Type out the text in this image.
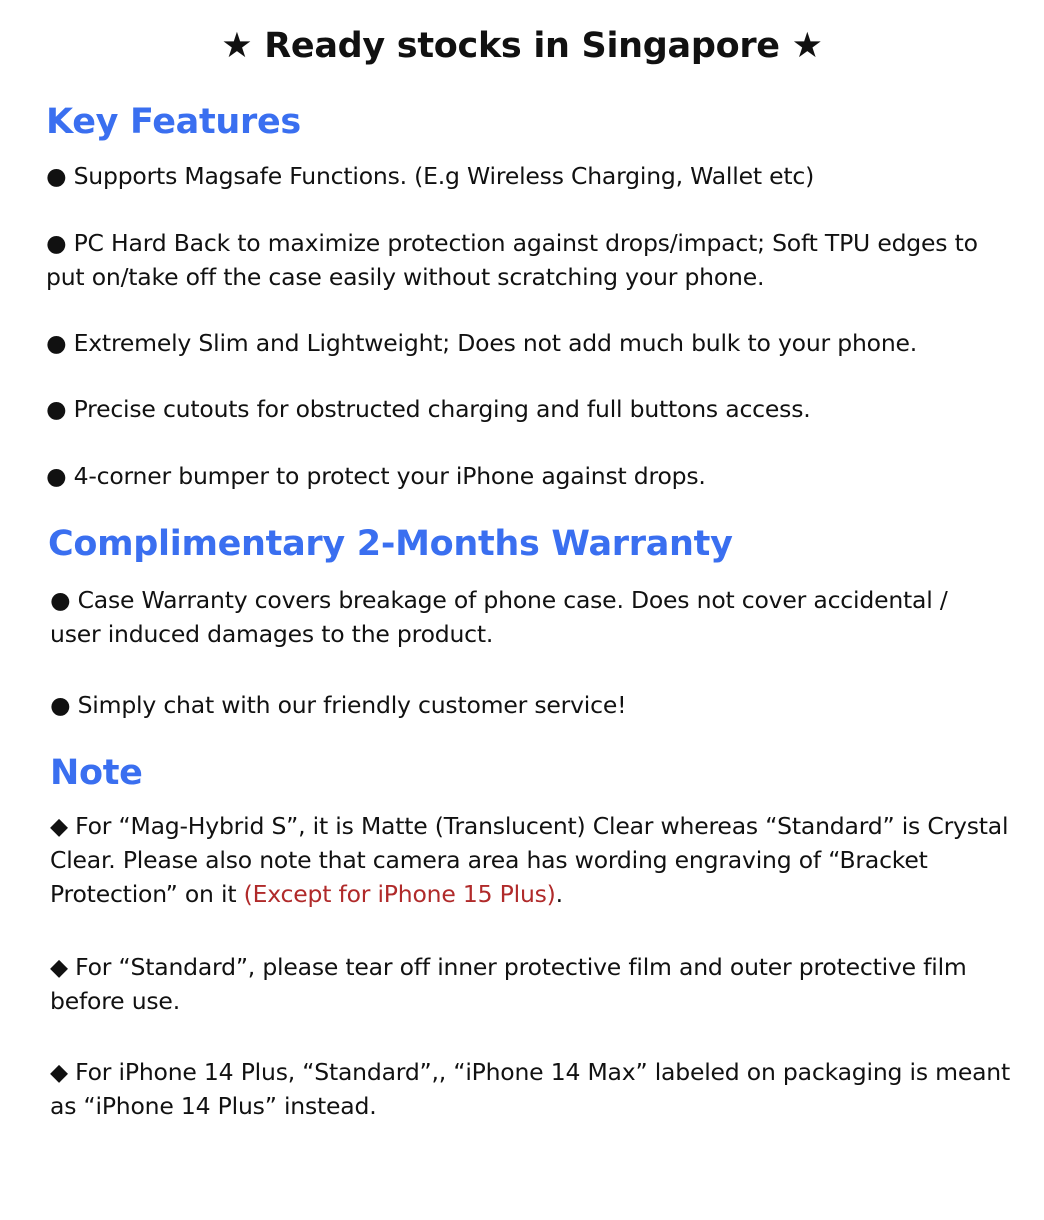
★ Ready stocks in Singapore ★
Key Features
● Supports Magsafe Functions. (E.g Wireless Charging, Wallet etc)
● PC Hard Back to maximize protection against drops/impact; Soft TPU edges to put on/take off the case easily without scratching your phone.
● Extremely Slim and Lightweight; Does not add much bulk to your phone.
● Precise cutouts for obstructed charging and full buttons access.
● 4-corner bumper to protect your iPhone against drops.
Complimentary 2-Months Warranty
● Case Warranty covers breakage of phone case. Does not cover accidental / user induced damages to the product.
● Simply chat with our friendly customer service!
Note
◆ For “Mag-Hybrid S”, it is Matte (Translucent) Clear whereas “Standard” is Crystal Clear. Please also note that camera area has wording engraving of “Bracket Protection” on it (Except for iPhone 15 Plus).
◆ For “Standard”, please tear off inner protective film and outer protective film before use.
◆ For iPhone 14 Plus, “Standard”,, “iPhone 14 Max” labeled on packaging is meant as “iPhone 14 Plus” instead.
